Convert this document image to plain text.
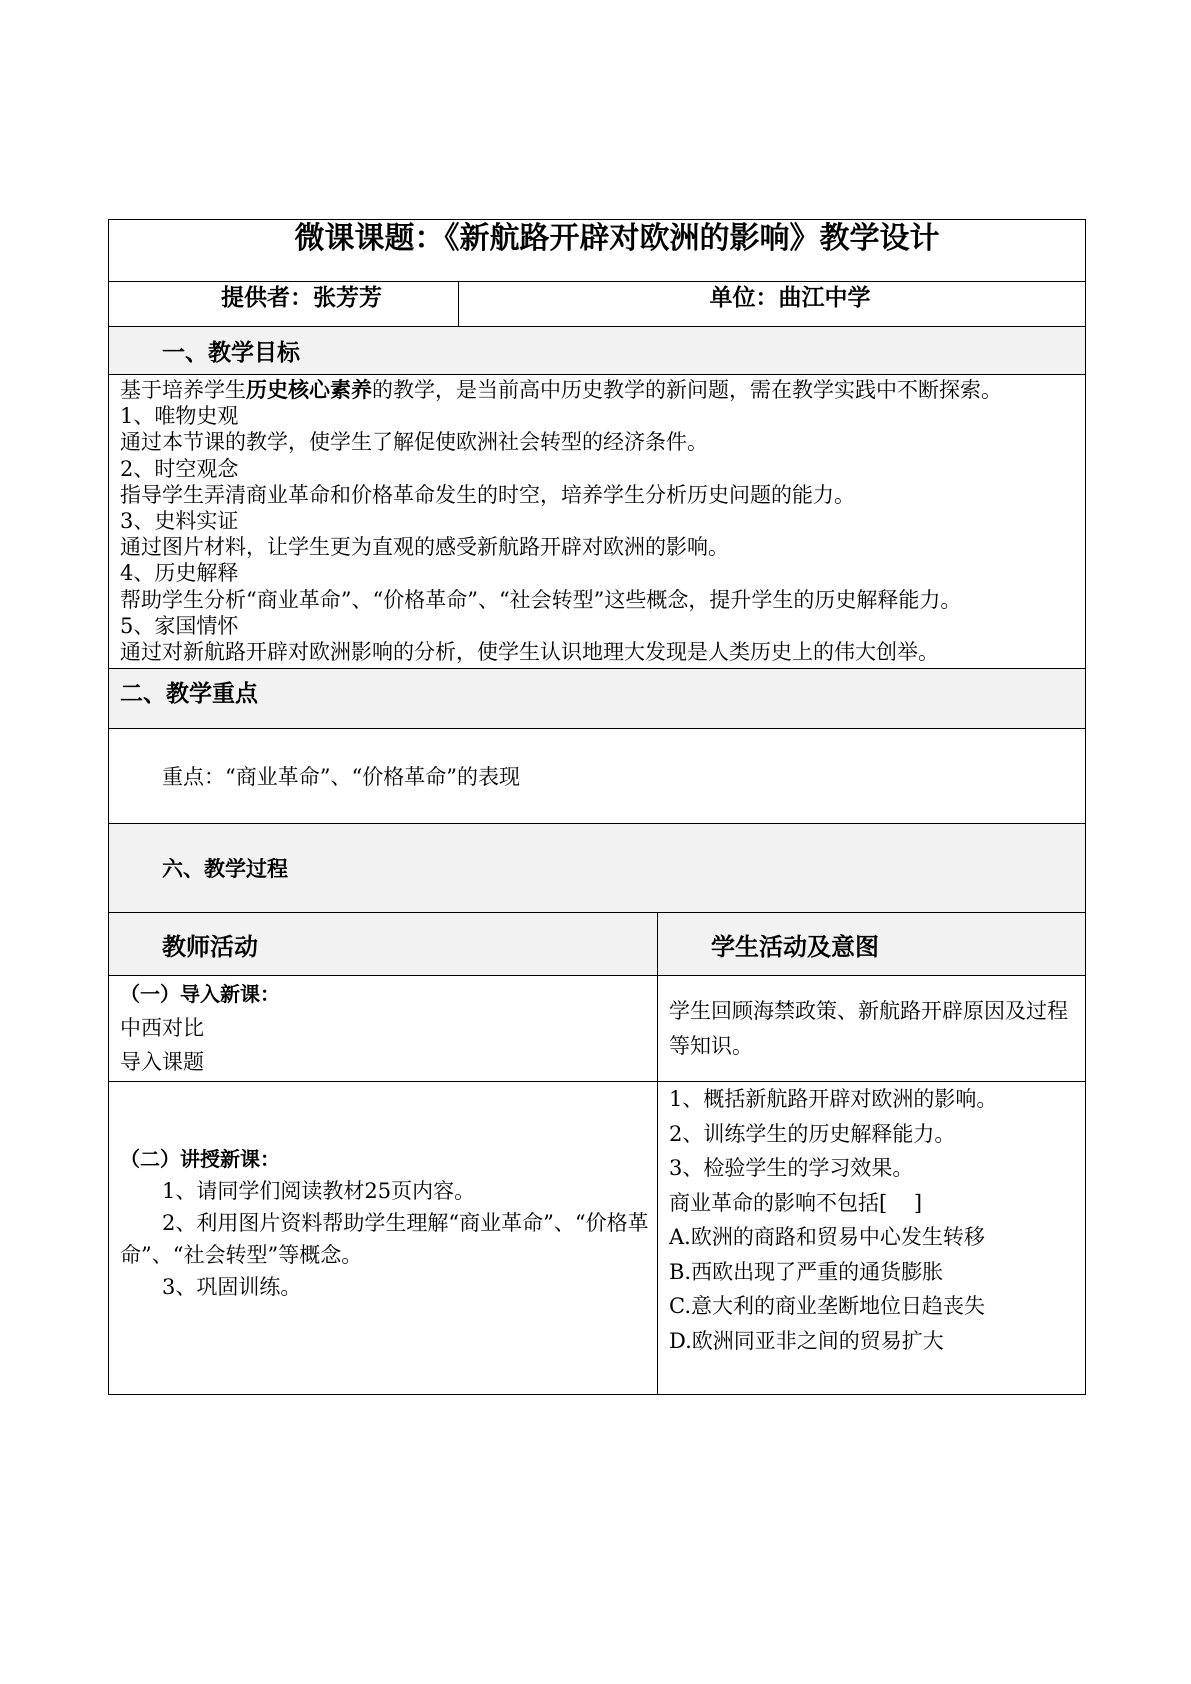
微课课题：《新航路开辟对欧洲的影响》教学设计
提供者：张芳芳	单位：曲江中学
一、教学目标
基于培养学生历史核心素养的教学，是当前高中历史教学的新问题，需在教学实践中不断探索。
1、唯物史观
通过本节课的教学，使学生了解促使欧洲社会转型的经济条件。
2、时空观念
指导学生弄清商业革命和价格革命发生的时空，培养学生分析历史问题的能力。
3、史料实证
通过图片材料，让学生更为直观的感受新航路开辟对欧洲的影响。
4、历史解释
帮助学生分析“商业革命”、“价格革命”、“社会转型”这些概念，提升学生的历史解释能力。
5、家国情怀
通过对新航路开辟对欧洲影响的分析，使学生认识地理大发现是人类历史上的伟大创举。
二、教学重点
重点：“商业革命”、“价格革命”的表现
六、教学过程
教师活动	学生活动及意图
（一）导入新课：
中西对比
导入课题
学生回顾海禁政策、新航路开辟原因及过程等知识。
（二）讲授新课：
1、请同学们阅读教材25页内容。
2、利用图片资料帮助学生理解“商业革命”、“价格革命”、“社会转型”等概念。
3、巩固训练。
1、概括新航路开辟对欧洲的影响。
2、训练学生的历史解释能力。
3、检验学生的学习效果。
商业革命的影响不包括[    ]
A.欧洲的商路和贸易中心发生转移
B.西欧出现了严重的通货膨胀
C.意大利的商业垄断地位日趋丧失
D.欧洲同亚非之间的贸易扩大
